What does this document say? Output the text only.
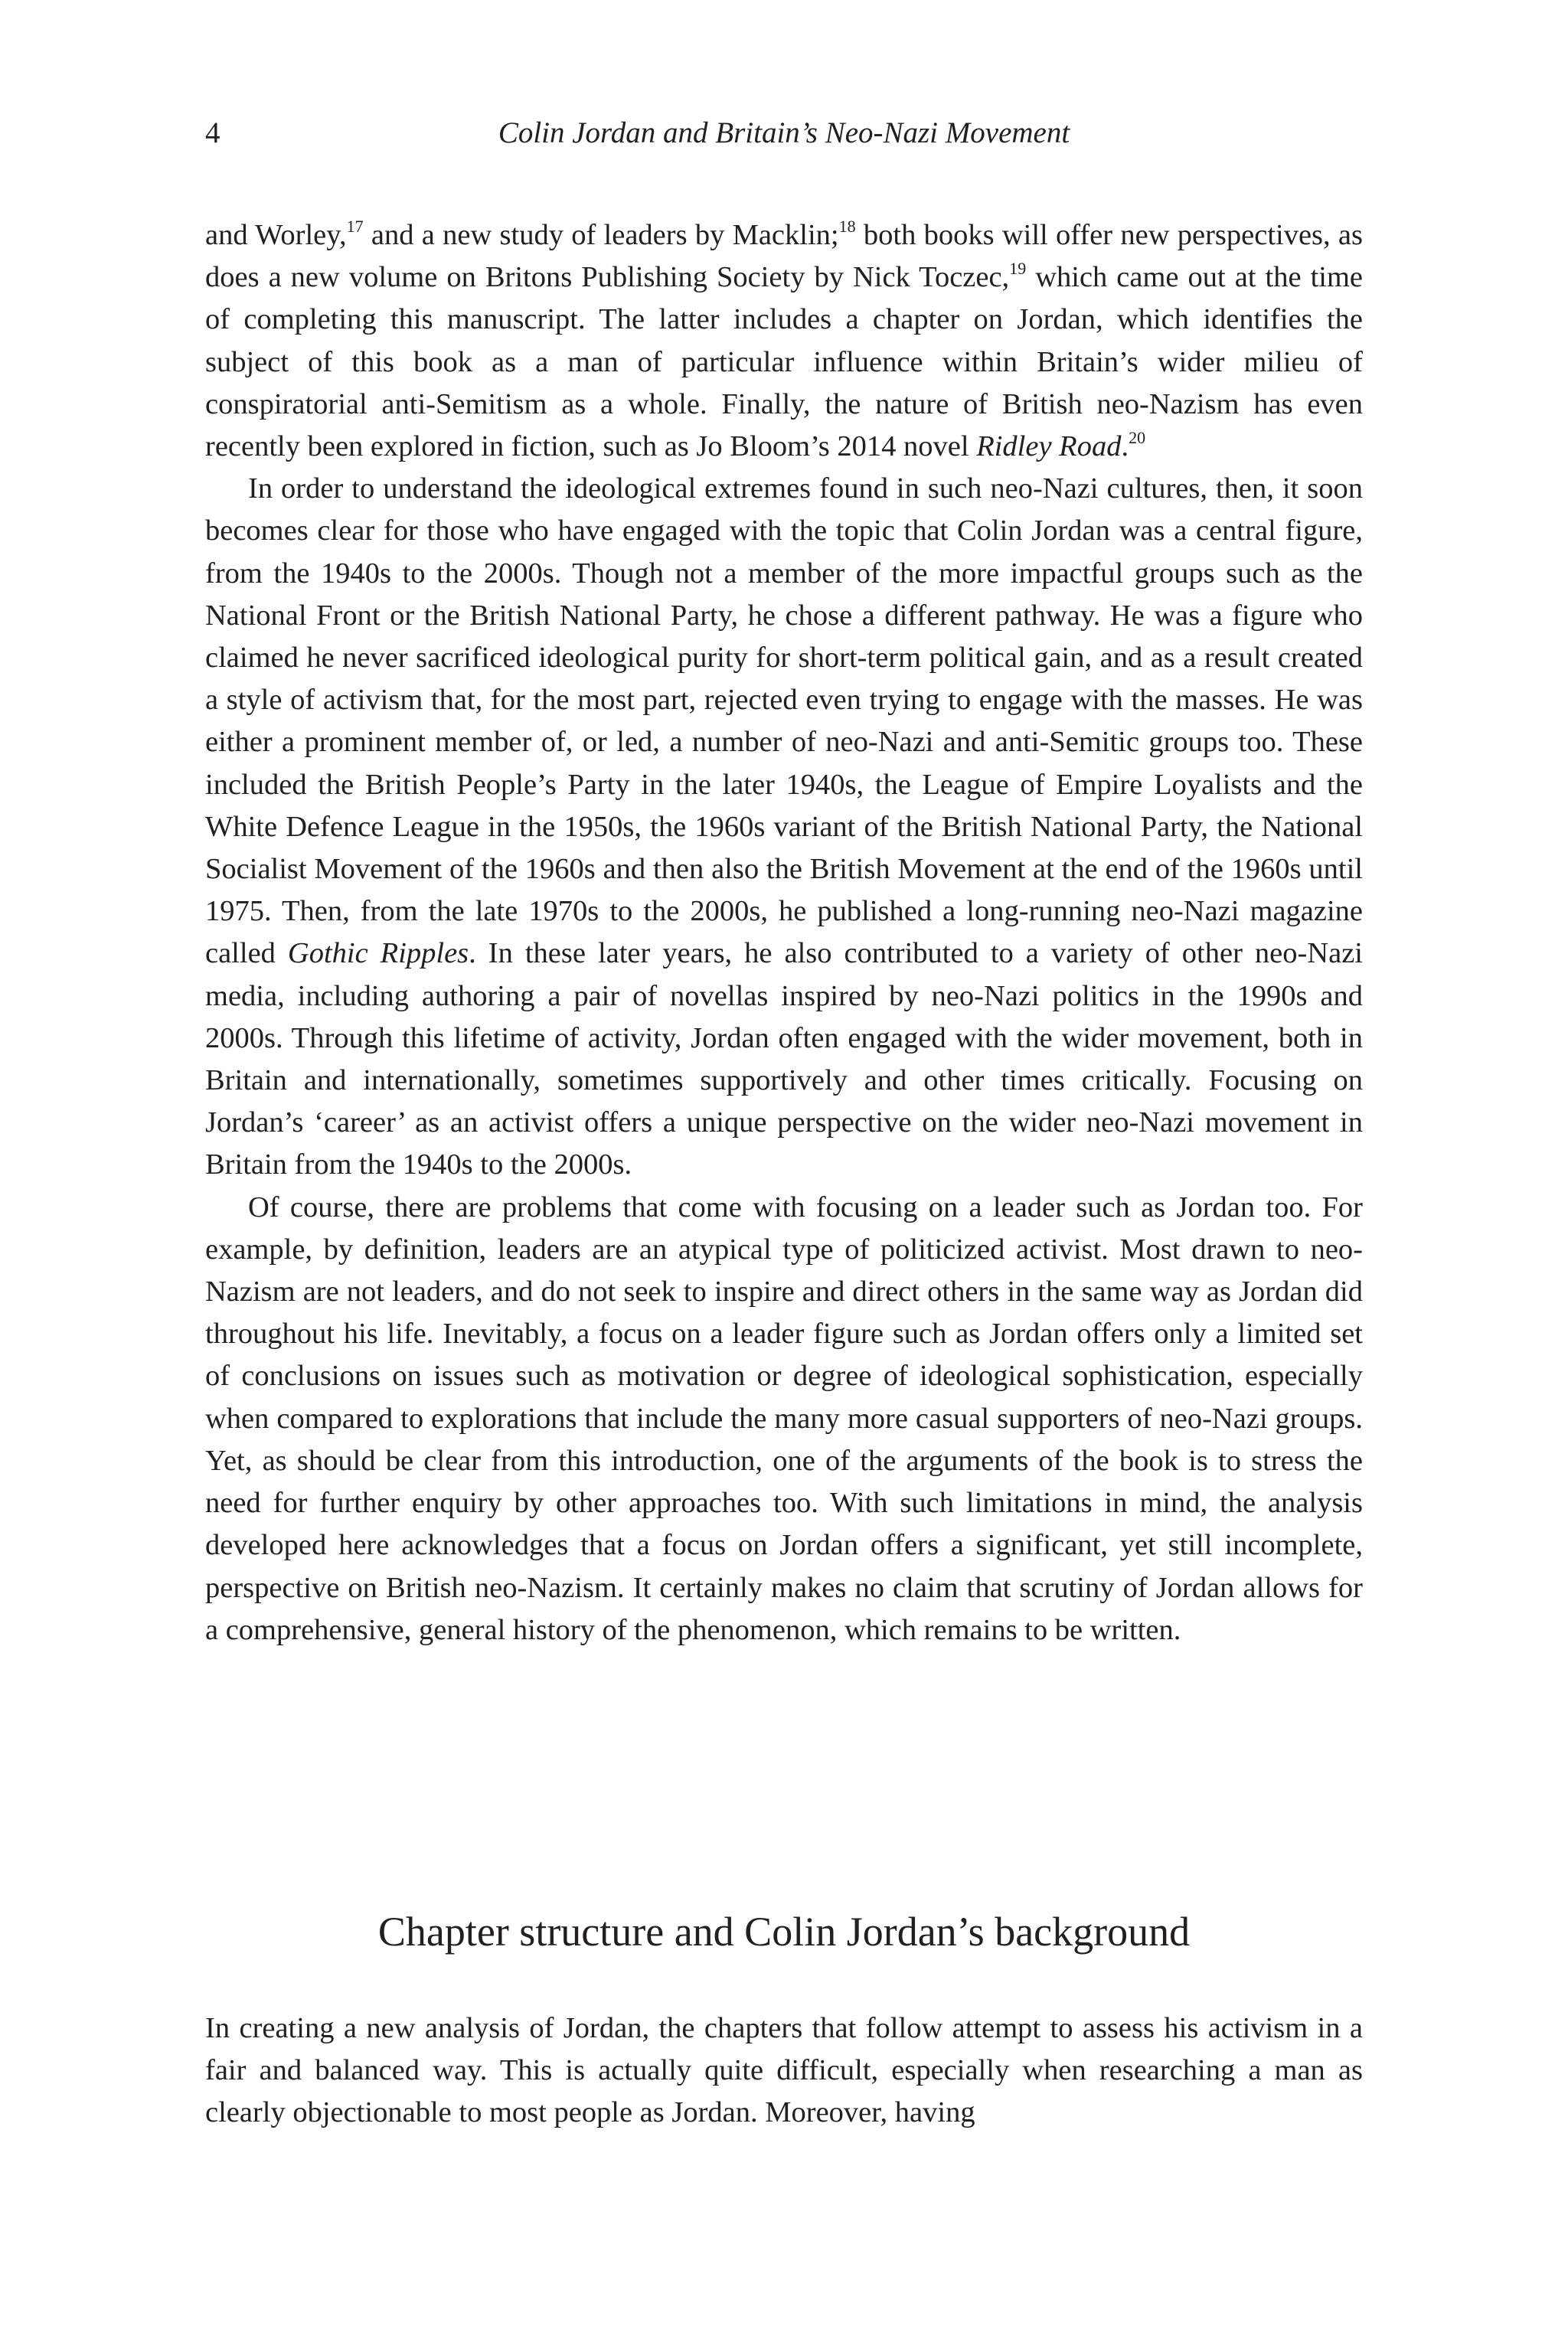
4	Colin Jordan and Britain’s Neo-Nazi Movement

and Worley,$^{17}$ and a new study of leaders by Macklin;$^{18}$ both books will offer new perspectives, as does a new volume on Britons Publishing Society by Nick Toczec,$^{19}$ which came out at the time of completing this manuscript. The latter includes a chapter on Jordan, which identifies the subject of this book as a man of particular influence within Britain’s wider milieu of conspiratorial anti-Semitism as a whole. Finally, the nature of British neo-Nazism has even recently been explored in fiction, such as Jo Bloom’s 2014 novel Ridley Road.$^{20}$

In order to understand the ideological extremes found in such neo-Nazi cultures, then, it soon becomes clear for those who have engaged with the topic that Colin Jordan was a central figure, from the 1940s to the 2000s. Though not a member of the more impactful groups such as the National Front or the British National Party, he chose a different pathway. He was a figure who claimed he never sacrificed ideological purity for short-term political gain, and as a result created a style of activism that, for the most part, rejected even trying to engage with the masses. He was either a prominent member of, or led, a number of neo-Nazi and anti-Semitic groups too. These included the British People’s Party in the later 1940s, the League of Empire Loyalists and the White Defence League in the 1950s, the 1960s variant of the British National Party, the National Socialist Movement of the 1960s and then also the British Movement at the end of the 1960s until 1975. Then, from the late 1970s to the 2000s, he published a long-running neo-Nazi magazine called Gothic Ripples. In these later years, he also contributed to a variety of other neo-Nazi media, including authoring a pair of novellas inspired by neo-Nazi politics in the 1990s and 2000s. Through this lifetime of activity, Jordan often engaged with the wider movement, both in Britain and internationally, sometimes supportively and other times critically. Focusing on Jordan’s ‘career’ as an activist offers a unique perspective on the wider neo-Nazi movement in Britain from the 1940s to the 2000s.

Of course, there are problems that come with focusing on a leader such as Jordan too. For example, by definition, leaders are an atypical type of politicized activist. Most drawn to neo-Nazism are not leaders, and do not seek to inspire and direct others in the same way as Jordan did throughout his life. Inevitably, a focus on a leader figure such as Jordan offers only a limited set of conclusions on issues such as motivation or degree of ideological sophistication, especially when compared to explorations that include the many more casual supporters of neo-Nazi groups. Yet, as should be clear from this introduction, one of the arguments of the book is to stress the need for further enquiry by other approaches too. With such limitations in mind, the analysis developed here acknowledges that a focus on Jordan offers a significant, yet still incomplete, perspective on British neo-Nazism. It certainly makes no claim that scrutiny of Jordan allows for a comprehensive, general history of the phenomenon, which remains to be written.

Chapter structure and Colin Jordan’s background

In creating a new analysis of Jordan, the chapters that follow attempt to assess his activism in a fair and balanced way. This is actually quite difficult, especially when researching a man as clearly objectionable to most people as Jordan. Moreover, having
